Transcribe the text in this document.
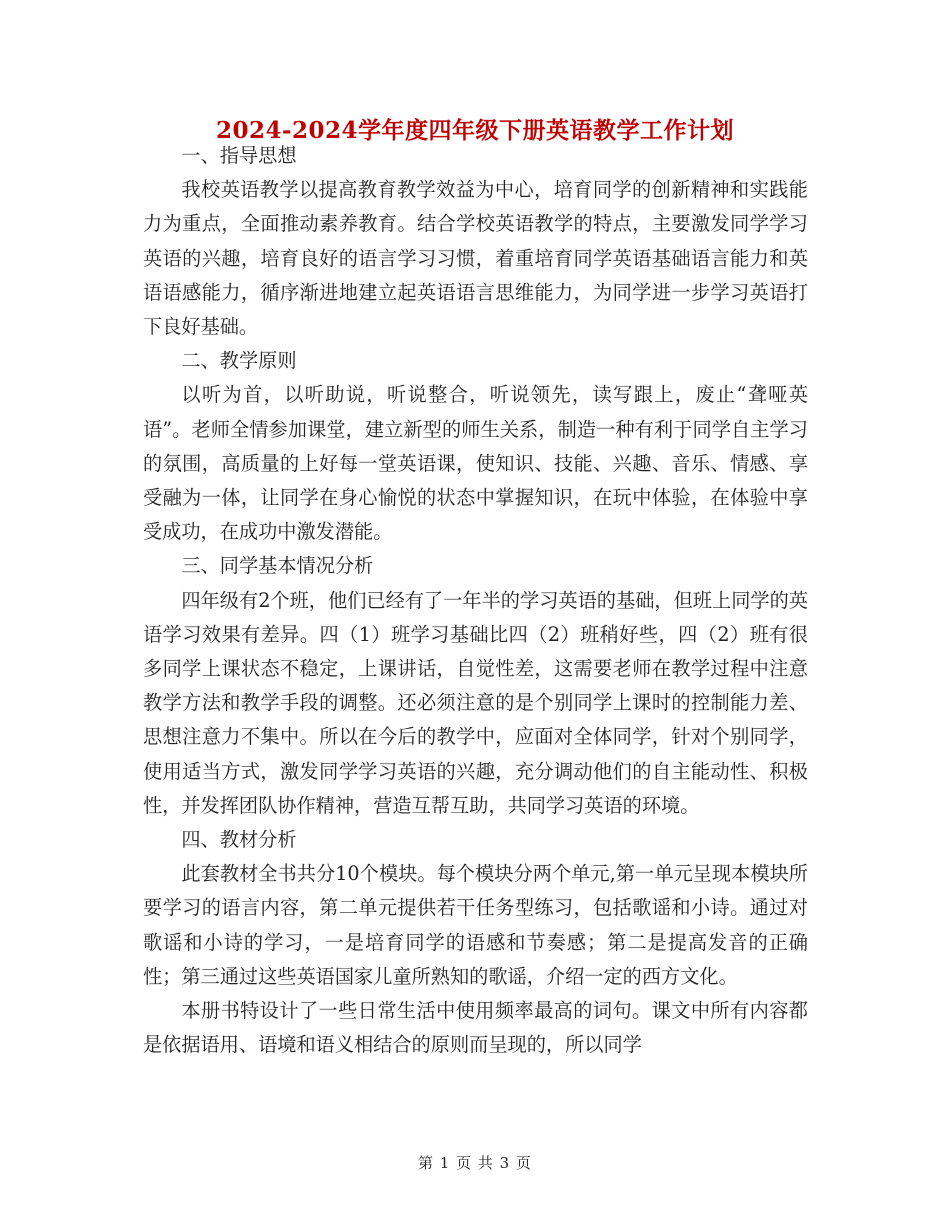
2024-2024学年度四年级下册英语教学工作计划

一、指导思想

我校英语教学以提高教育教学效益为中心，培育同学的创新精神和实践能力为重点，全面推动素养教育。结合学校英语教学的特点，主要激发同学学习英语的兴趣，培育良好的语言学习习惯，着重培育同学英语基础语言能力和英语语感能力，循序渐进地建立起英语语言思维能力，为同学进一步学习英语打下良好基础。

二、教学原则

以听为首，以听助说，听说整合，听说领先，读写跟上，废止“聋哑英语”。老师全情参加课堂，建立新型的师生关系，制造一种有利于同学自主学习的氛围，高质量的上好每一堂英语课，使知识、技能、兴趣、音乐、情感、享受融为一体，让同学在身心愉悦的状态中掌握知识，在玩中体验，在体验中享受成功，在成功中激发潜能。

三、同学基本情况分析

四年级有2个班，他们已经有了一年半的学习英语的基础，但班上同学的英语学习效果有差异。四（1）班学习基础比四（2）班稍好些，四（2）班有很多同学上课状态不稳定，上课讲话，自觉性差，这需要老师在教学过程中注意教学方法和教学手段的调整。还必须注意的是个别同学上课时的控制能力差、思想注意力不集中。所以在今后的教学中，应面对全体同学，针对个别同学，使用适当方式，激发同学学习英语的兴趣，充分调动他们的自主能动性、积极性，并发挥团队协作精神，营造互帮互助，共同学习英语的环境。

四、教材分析

此套教材全书共分10个模块。每个模块分两个单元,第一单元呈现本模块所要学习的语言内容，第二单元提供若干任务型练习，包括歌谣和小诗。通过对歌谣和小诗的学习，一是培育同学的语感和节奏感；第二是提高发音的正确性；第三通过这些英语国家儿童所熟知的歌谣，介绍一定的西方文化。

本册书特设计了一些日常生活中使用频率最高的词句。课文中所有内容都是依据语用、语境和语义相结合的原则而呈现的，所以同学

第 1 页 共 3 页
